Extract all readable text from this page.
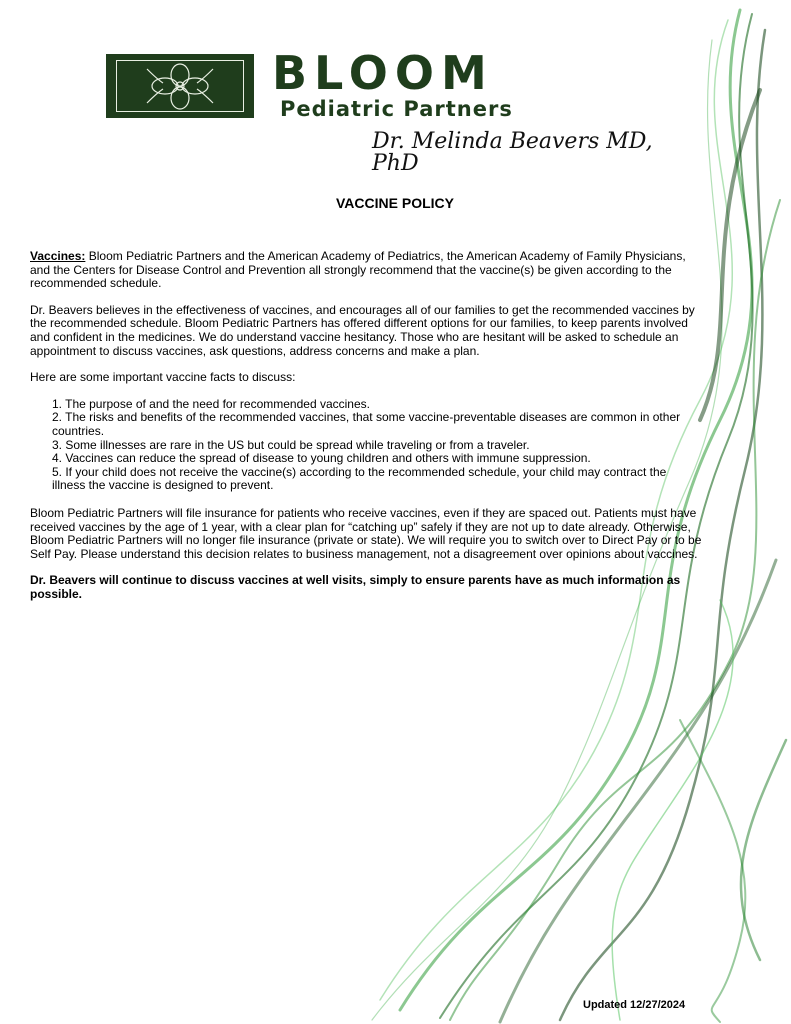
BLOOM
Pediatric Partners
Dr. Melinda Beavers MD, PhD
VACCINE POLICY

Vaccines: Bloom Pediatric Partners and the American Academy of Pediatrics, the American Academy of Family Physicians, and the Centers for Disease Control and Prevention all strongly recommend that the vaccine(s) be given according to the recommended schedule.

Dr. Beavers believes in the effectiveness of vaccines, and encourages all of our families to get the recommended vaccines by the recommended schedule. Bloom Pediatric Partners has offered different options for our families, to keep parents involved and confident in the medicines. We do understand vaccine hesitancy. Those who are hesitant will be asked to schedule an appointment to discuss vaccines, ask questions, address concerns and make a plan.

Here are some important vaccine facts to discuss:

1. The purpose of and the need for recommended vaccines.
2. The risks and benefits of the recommended vaccines, that some vaccine-preventable diseases are common in other countries.
3. Some illnesses are rare in the US but could be spread while traveling or from a traveler.
4. Vaccines can reduce the spread of disease to young children and others with immune suppression.
5. If your child does not receive the vaccine(s) according to the recommended schedule, your child may contract the illness the vaccine is designed to prevent.

Bloom Pediatric Partners will file insurance for patients who receive vaccines, even if they are spaced out. Patients must have received vaccines by the age of 1 year, with a clear plan for “catching up” safely if they are not up to date already. Otherwise, Bloom Pediatric Partners will no longer file insurance (private or state). We will require you to switch over to Direct Pay or to be Self Pay. Please understand this decision relates to business management, not a disagreement over opinions about vaccines.

Dr. Beavers will continue to discuss vaccines at well visits, simply to ensure parents have as much information as possible.

Updated 12/27/2024
